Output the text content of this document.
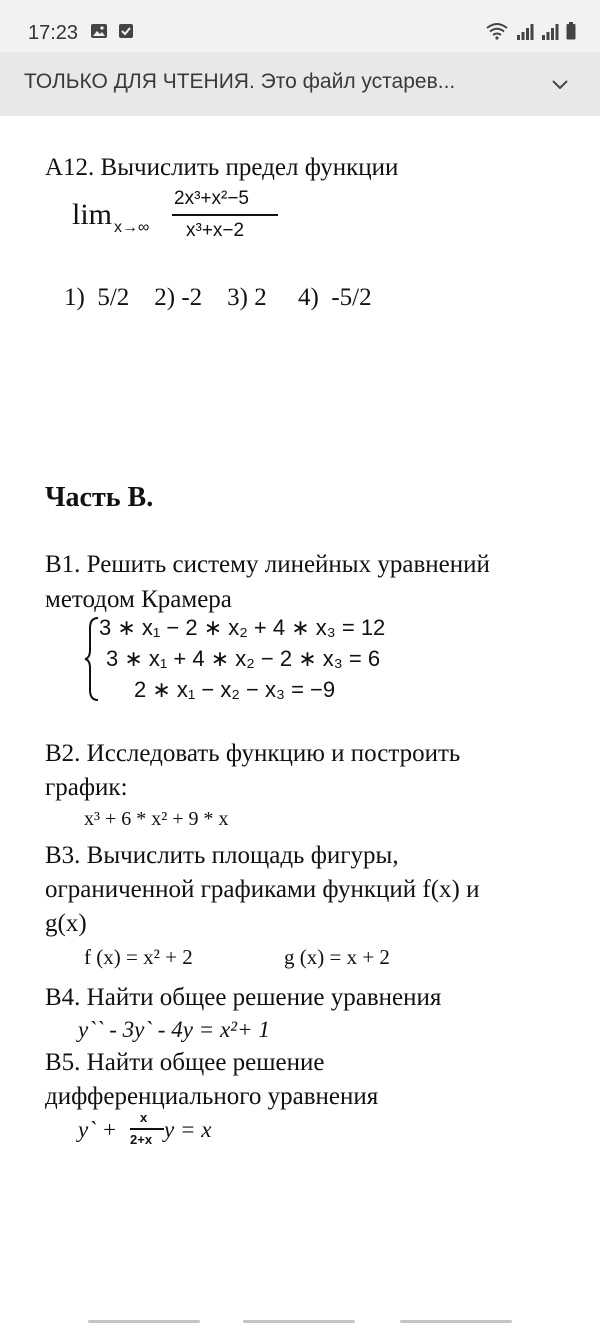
17:23
ТОЛЬКО ДЛЯ ЧТЕНИЯ. Это файл устарев...
A12. Вычислить предел функции
lim x→∞
2x³+x²−5
x³+x−2
1)  5/2    2) -2    3) 2     4)  -5/2
Часть В.
В1. Решить систему линейных уравнений
методом Крамера
3 ∗ x₁ − 2 ∗ x₂ + 4 ∗ x₃ = 12
3 ∗ x₁ + 4 ∗ x₂ − 2 ∗ x₃ = 6
2 ∗ x₁ − x₂ − x₃ = −9
В2. Исследовать функцию и построить
график:
x³ + 6 * x² + 9 * x
В3. Вычислить площадь фигуры,
ограниченной графиками функций f(x) и
g(x)
f (x) = x² + 2	g (x) = x + 2
В4. Найти общее решение уравнения
y`` - 3y` - 4y = x²+ 1
В5. Найти общее решение
дифференциального уравнения
y` + x
2+x y = x
